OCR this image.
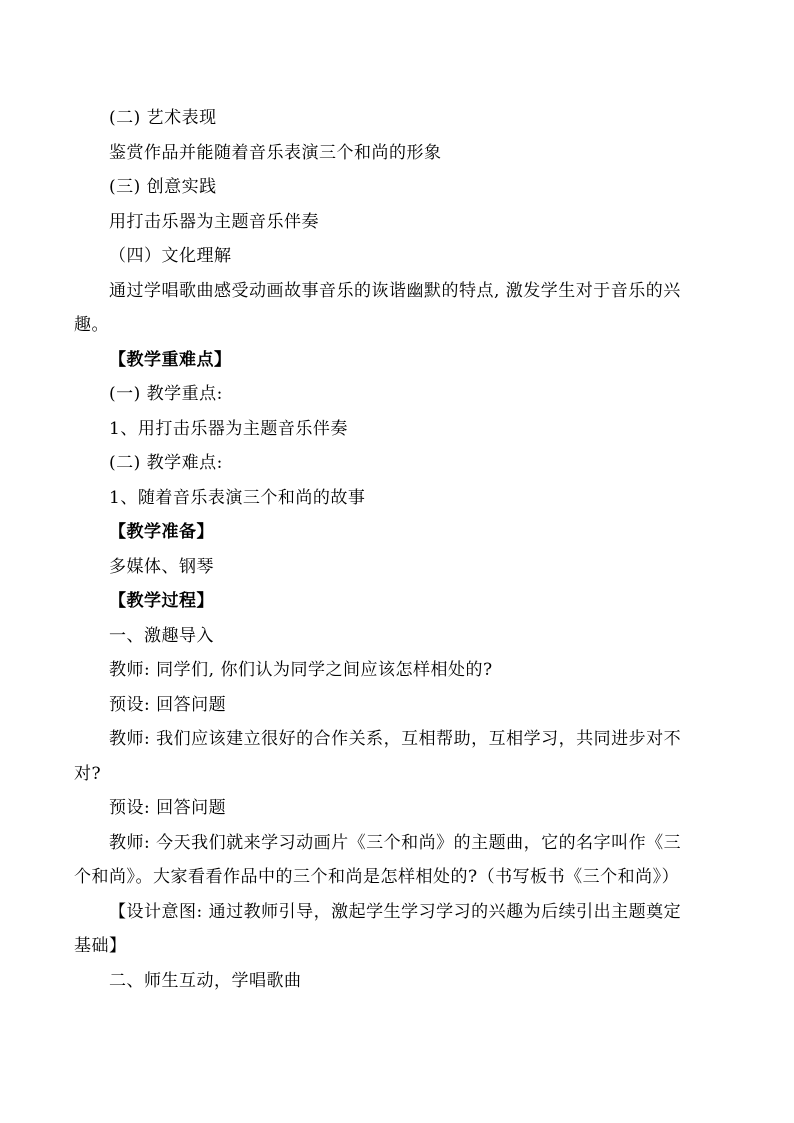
(二) 艺术表现
鉴赏作品并能随着音乐表演三个和尚的形象
(三) 创意实践
用打击乐器为主题音乐伴奏
（四）文化理解
通过学唱歌曲感受动画故事音乐的诙谐幽默的特点, 激发学生对于音乐的兴
趣。
【教学重难点】
(一) 教学重点:
1、用打击乐器为主题音乐伴奏
(二) 教学难点:
1、随着音乐表演三个和尚的故事
【教学准备】
多媒体、钢琴
【教学过程】
一、激趣导入
教师: 同学们, 你们认为同学之间应该怎样相处的?
预设: 回答问题
教师: 我们应该建立很好的合作关系，互相帮助，互相学习，共同进步对不
对?
预设: 回答问题
教师: 今天我们就来学习动画片《三个和尚》的主题曲，它的名字叫作《三
个和尚》。大家看看作品中的三个和尚是怎样相处的?（书写板书《三个和尚》）
【设计意图: 通过教师引导，激起学生学习学习的兴趣为后续引出主题奠定
基础】
二、师生互动，学唱歌曲
